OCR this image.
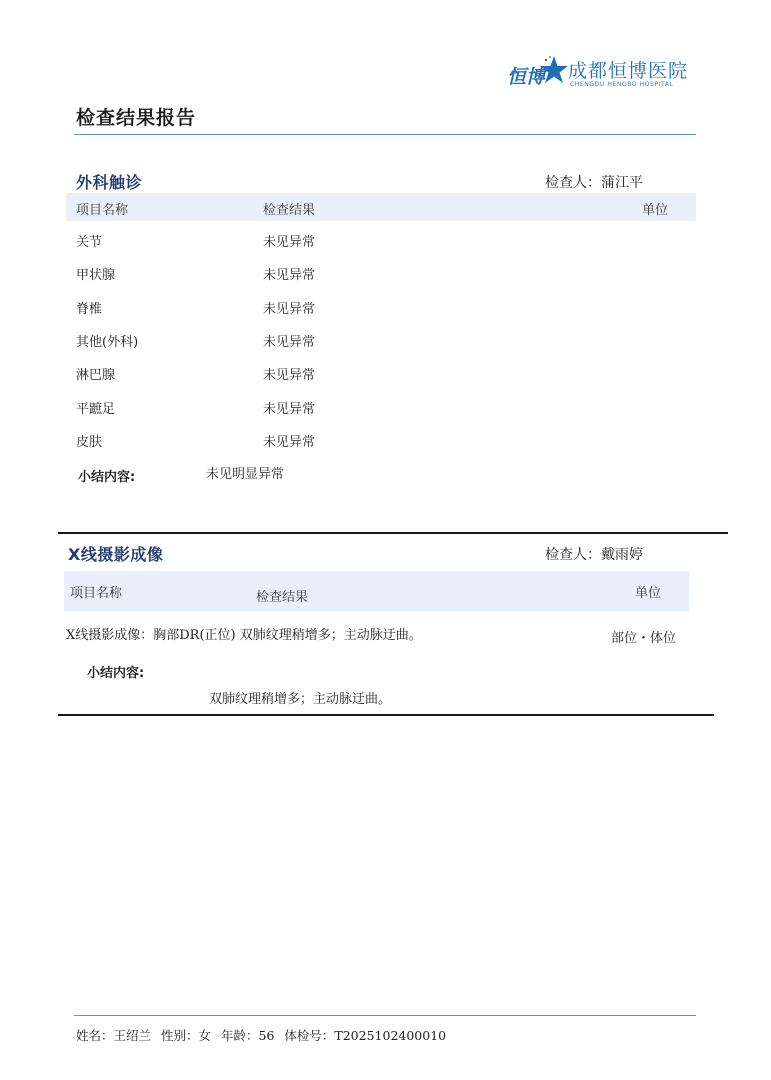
恒博 成都恒博医院
CHENGDU HENGBO HOSPITAL
检查结果报告
外科触诊	检查人：蒲江平
项目名称	检查结果	单位
关节	未见异常
甲状腺	未见异常
脊椎	未见异常
其他(外科)	未见异常
淋巴腺	未见异常
平蹠足	未见异常
皮肤	未见异常
小结内容:	未见明显异常
X线摄影成像	检查人：戴雨婷
项目名称	检查结果	单位
X线摄影成像：胸部DR(正位) 双肺纹理稍增多；主动脉迂曲。	部位・体位
小结内容:
双肺纹理稍增多；主动脉迂曲。
姓名：王绍兰 性别：女 年龄：56 体检号：T2025102400010
